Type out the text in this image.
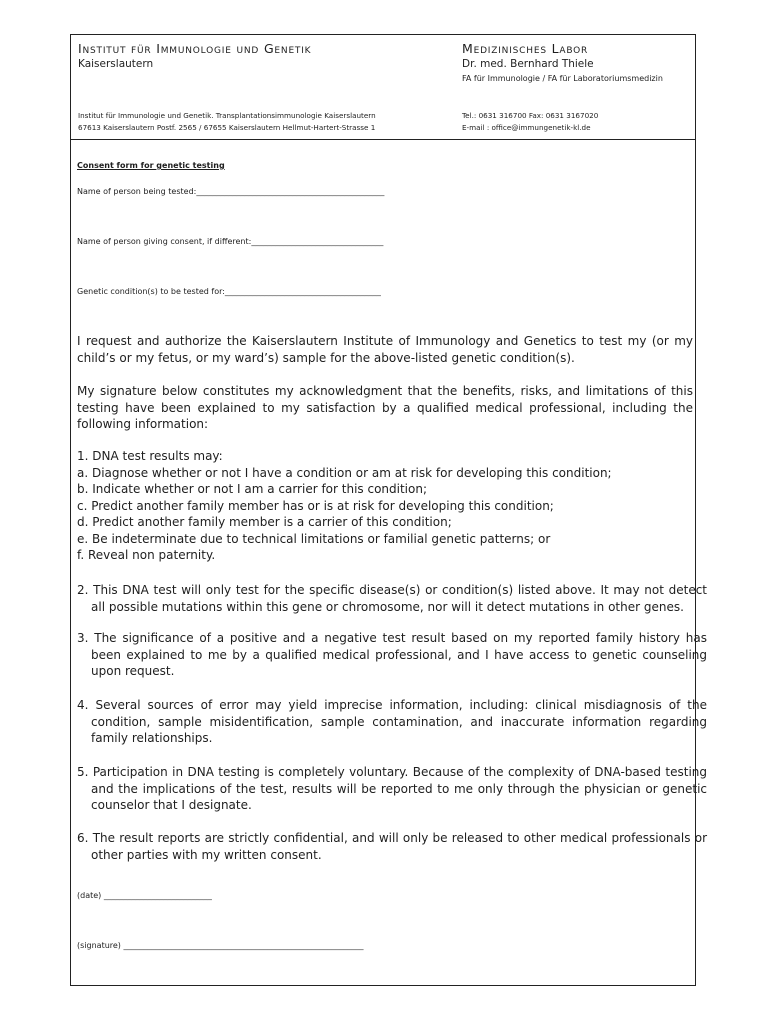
Institut für Immunologie und Genetik
Kaiserslautern
Medizinisches Labor
Dr. med. Bernhard Thiele
FA für Immunologie / FA für Laboratoriumsmedizin
Institut für Immunologie und Genetik. Transplantationsimmunologie Kaiserslautern
67613 Kaiserslautern Postf. 2565 / 67655 Kaiserslautern Hellmut-Hartert-Strasse 1
Tel.: 0631 316700 Fax: 0631 3167020
E-mail : office@immungenetik-kl.de
Consent form for genetic testing
Name of person being tested:_______________________________________________
Name of person giving consent, if different:_________________________________
Genetic condition(s) to be tested for:_______________________________________
I request and authorize the Kaiserslautern Institute of Immunology and Genetics to test my (or my child’s or my fetus, or my ward’s) sample for the above-listed genetic condition(s).
My signature below constitutes my acknowledgment that the benefits, risks, and limitations of this testing have been explained to my satisfaction by a qualified medical professional, including the following information:
1. DNA test results may:
a. Diagnose whether or not I have a condition or am at risk for developing this condition;
b. Indicate whether or not I am a carrier for this condition;
c. Predict another family member has or is at risk for developing this condition;
d. Predict another family member is a carrier of this condition;
e. Be indeterminate due to technical limitations or familial genetic patterns; or
f. Reveal non paternity.
2. This DNA test will only test for the specific disease(s) or condition(s) listed above. It may not detect all possible mutations within this gene or chromosome, nor will it detect mutations in other genes.
3. The significance of a positive and a negative test result based on my reported family history has been explained to me by a qualified medical professional, and I have access to genetic counseling upon request.
4. Several sources of error may yield imprecise information, including: clinical misdiagnosis of the condition, sample misidentification, sample contamination, and inaccurate information regarding family relationships.
5. Participation in DNA testing is completely voluntary. Because of the complexity of DNA-based testing and the implications of the test, results will be reported to me only through the physician or genetic counselor that I designate.
6. The result reports are strictly confidential, and will only be released to other medical professionals or other parties with my written consent.
(date) ___________________________
(signature) ____________________________________________________________
